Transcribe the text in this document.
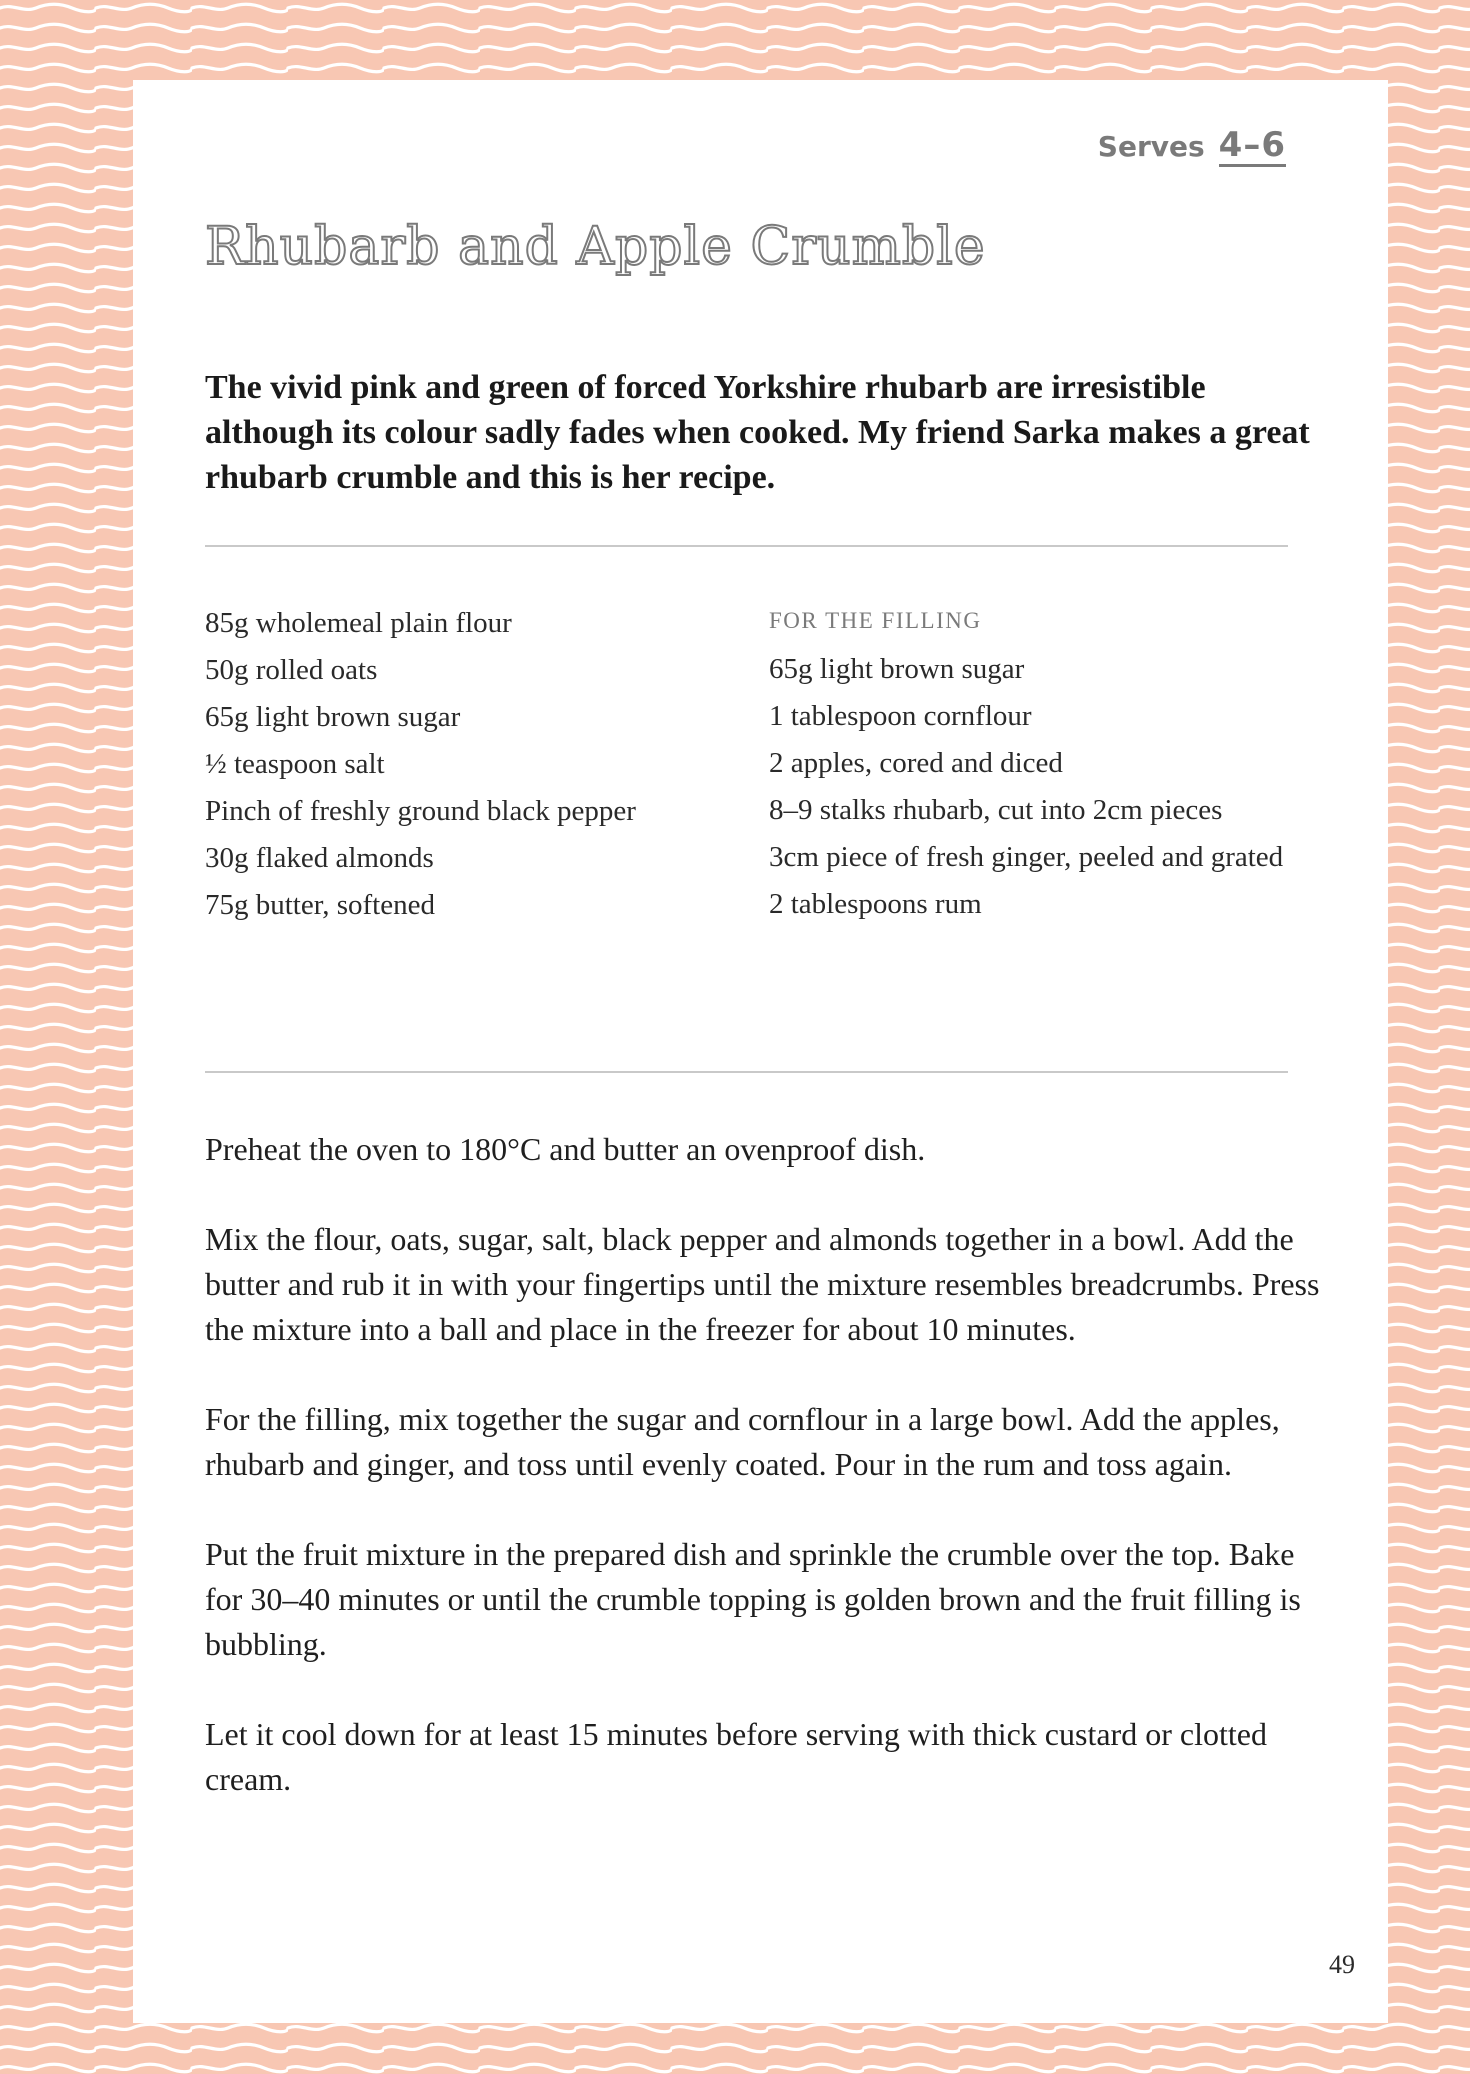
Serves 4–6
Rhubarb and Apple Crumble

The vivid pink and green of forced Yorkshire rhubarb are irresistible although its colour sadly fades when cooked. My friend Sarka makes a great rhubarb crumble and this is her recipe.

85g wholemeal plain flour
50g rolled oats
65g light brown sugar
½ teaspoon salt
Pinch of freshly ground black pepper
30g flaked almonds
75g butter, softened
FOR THE FILLING
65g light brown sugar
1 tablespoon cornflour
2 apples, cored and diced
8–9 stalks rhubarb, cut into 2cm pieces
3cm piece of fresh ginger, peeled and grated
2 tablespoons rum

Preheat the oven to 180°C and butter an ovenproof dish.

Mix the flour, oats, sugar, salt, black pepper and almonds together in a bowl. Add the butter and rub it in with your fingertips until the mixture resembles breadcrumbs. Press the mixture into a ball and place in the freezer for about 10 minutes.

For the filling, mix together the sugar and cornflour in a large bowl. Add the apples, rhubarb and ginger, and toss until evenly coated. Pour in the rum and toss again.

Put the fruit mixture in the prepared dish and sprinkle the crumble over the top. Bake for 30–40 minutes or until the crumble topping is golden brown and the fruit filling is bubbling.

Let it cool down for at least 15 minutes before serving with thick custard or clotted cream.

49
